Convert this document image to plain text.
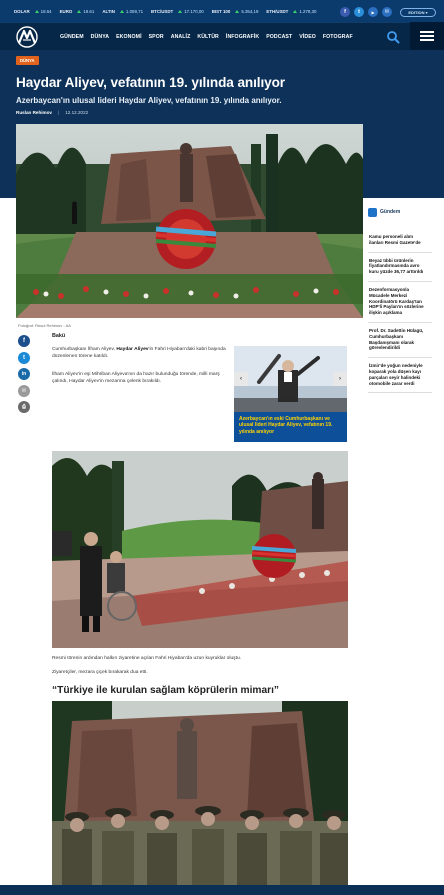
DOLAR	18.64 EURO	19.61 ALTIN	1.059,71 BTC/USDT	17.170,00 BIST 100	5.354,19 ETH/USDT	1.278,30	f t	▶ ✉	EDITION ▾
GÜNDEM DÜNYA EKONOMİ SPOR ANALİZ KÜLTÜR İNFOGRAFİK PODCAST VİDEO FOTOGRAF
DÜNYA
Haydar Aliyev, vefatının 19. yılında anılıyor
Azerbaycan'ın ulusal lideri Haydar Aliyev, vefatının 19. yılında anılıyor.
Ruslan Rehimov | 12.12.2022
Fotoğraf: Resul Rehimov - AA
f
t
in
✉
⎙
Bakü

Cumhurbaşkanı İlham Aliyev, Haydar Aliyev'in Fahri Hiyaban'daki kabri başında düzenlenen törene katıldı.

İlham Aliyev'in eşi Mihriban Aliyeva'nın da hazır bulunduğu törende, milli marş çalındı, Haydar Aliyev'in mezarına çelenk bırakıldı.

Azerbaycan'ın eski Cumhurbaşkanı ve ulusal lideri Haydar Aliyev, vefatının 19. yılında anılıyor
‹	›
Gündem
Kamu personeli alım ilanları Resmi Gazete'de
Beyaz tıbbi ürünlerin fiyatlandırmasında avro kuru yüzde 36,77 arttırıldı
Dezenformasyonla Mücadele Merkezi Koordinatörü Kardaş'tan HDP'li Paylan'ın sözlerine ilişkin açıklama
Prof. Dr. Sadettin Hülagü, Cumhurbaşkanı Başdanışmanı olarak görevlendirildi
İzmir'de yoğun nedeniyle koparak yola düşen kayı parçaları seyir halindeki otomobile zarar verdi

Resmi törenin ardından halkın ziyaretine açılan Fahri Hiyaban'da uzun kuyruklar oluştu.

Ziyaretçiler, mezara çiçek bırakarak dua etti.

“Türkiye ile kurulan sağlam köprülerin mimarı”
